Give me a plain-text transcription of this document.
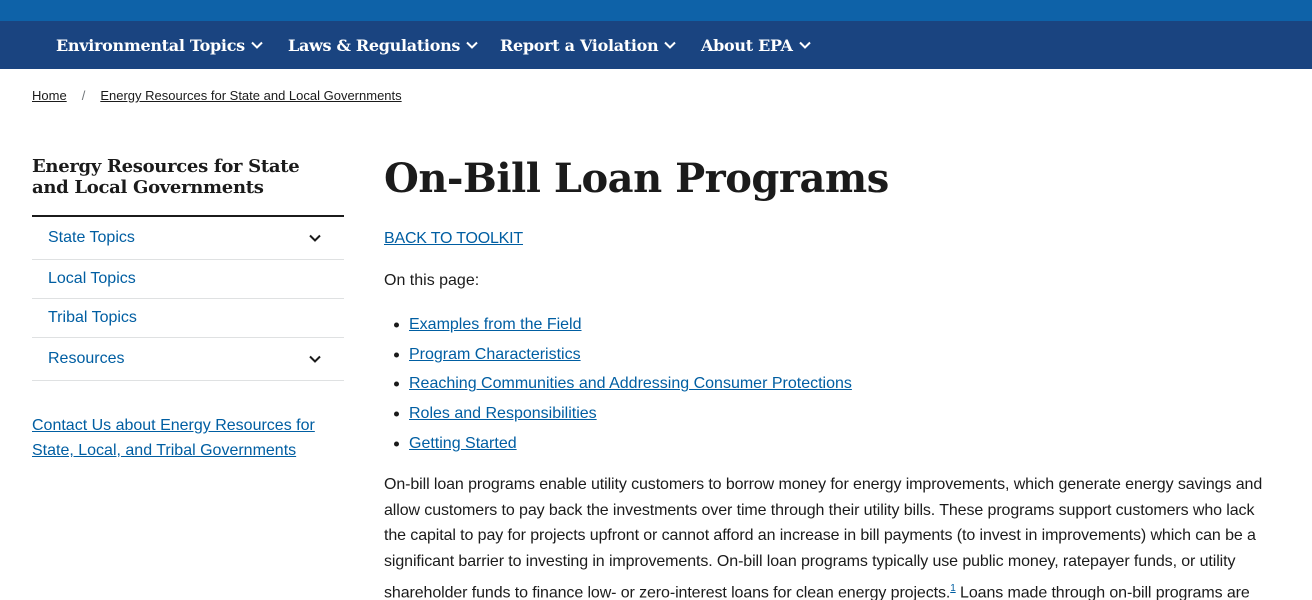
Environmental Topics	Laws & Regulations Report a Violation	About EPA
Home / Energy Resources for State and Local Governments
Energy Resources for State and Local Governments
State Topics
Local Topics
Tribal Topics
Resources
Contact Us about Energy Resources for State, Local, and Tribal Governments
On-Bill Loan Programs
BACK TO TOOLKIT
On this page:
Examples from the Field
Program Characteristics
Reaching Communities and Addressing Consumer Protections
Roles and Responsibilities
Getting Started

On-bill loan programs enable utility customers to borrow money for energy improvements, which generate energy savings and allow customers to pay back the investments over time through their utility bills. These programs support customers who lack the capital to pay for projects upfront or cannot afford an increase in bill payments (to invest in improvements) which can be a significant barrier to investing in improvements. On-bill loan programs typically use public money, ratepayer funds, or utility shareholder funds to finance low- or zero-interest loans for clean energy projects.$^1$ Loans made through on-bill programs are
